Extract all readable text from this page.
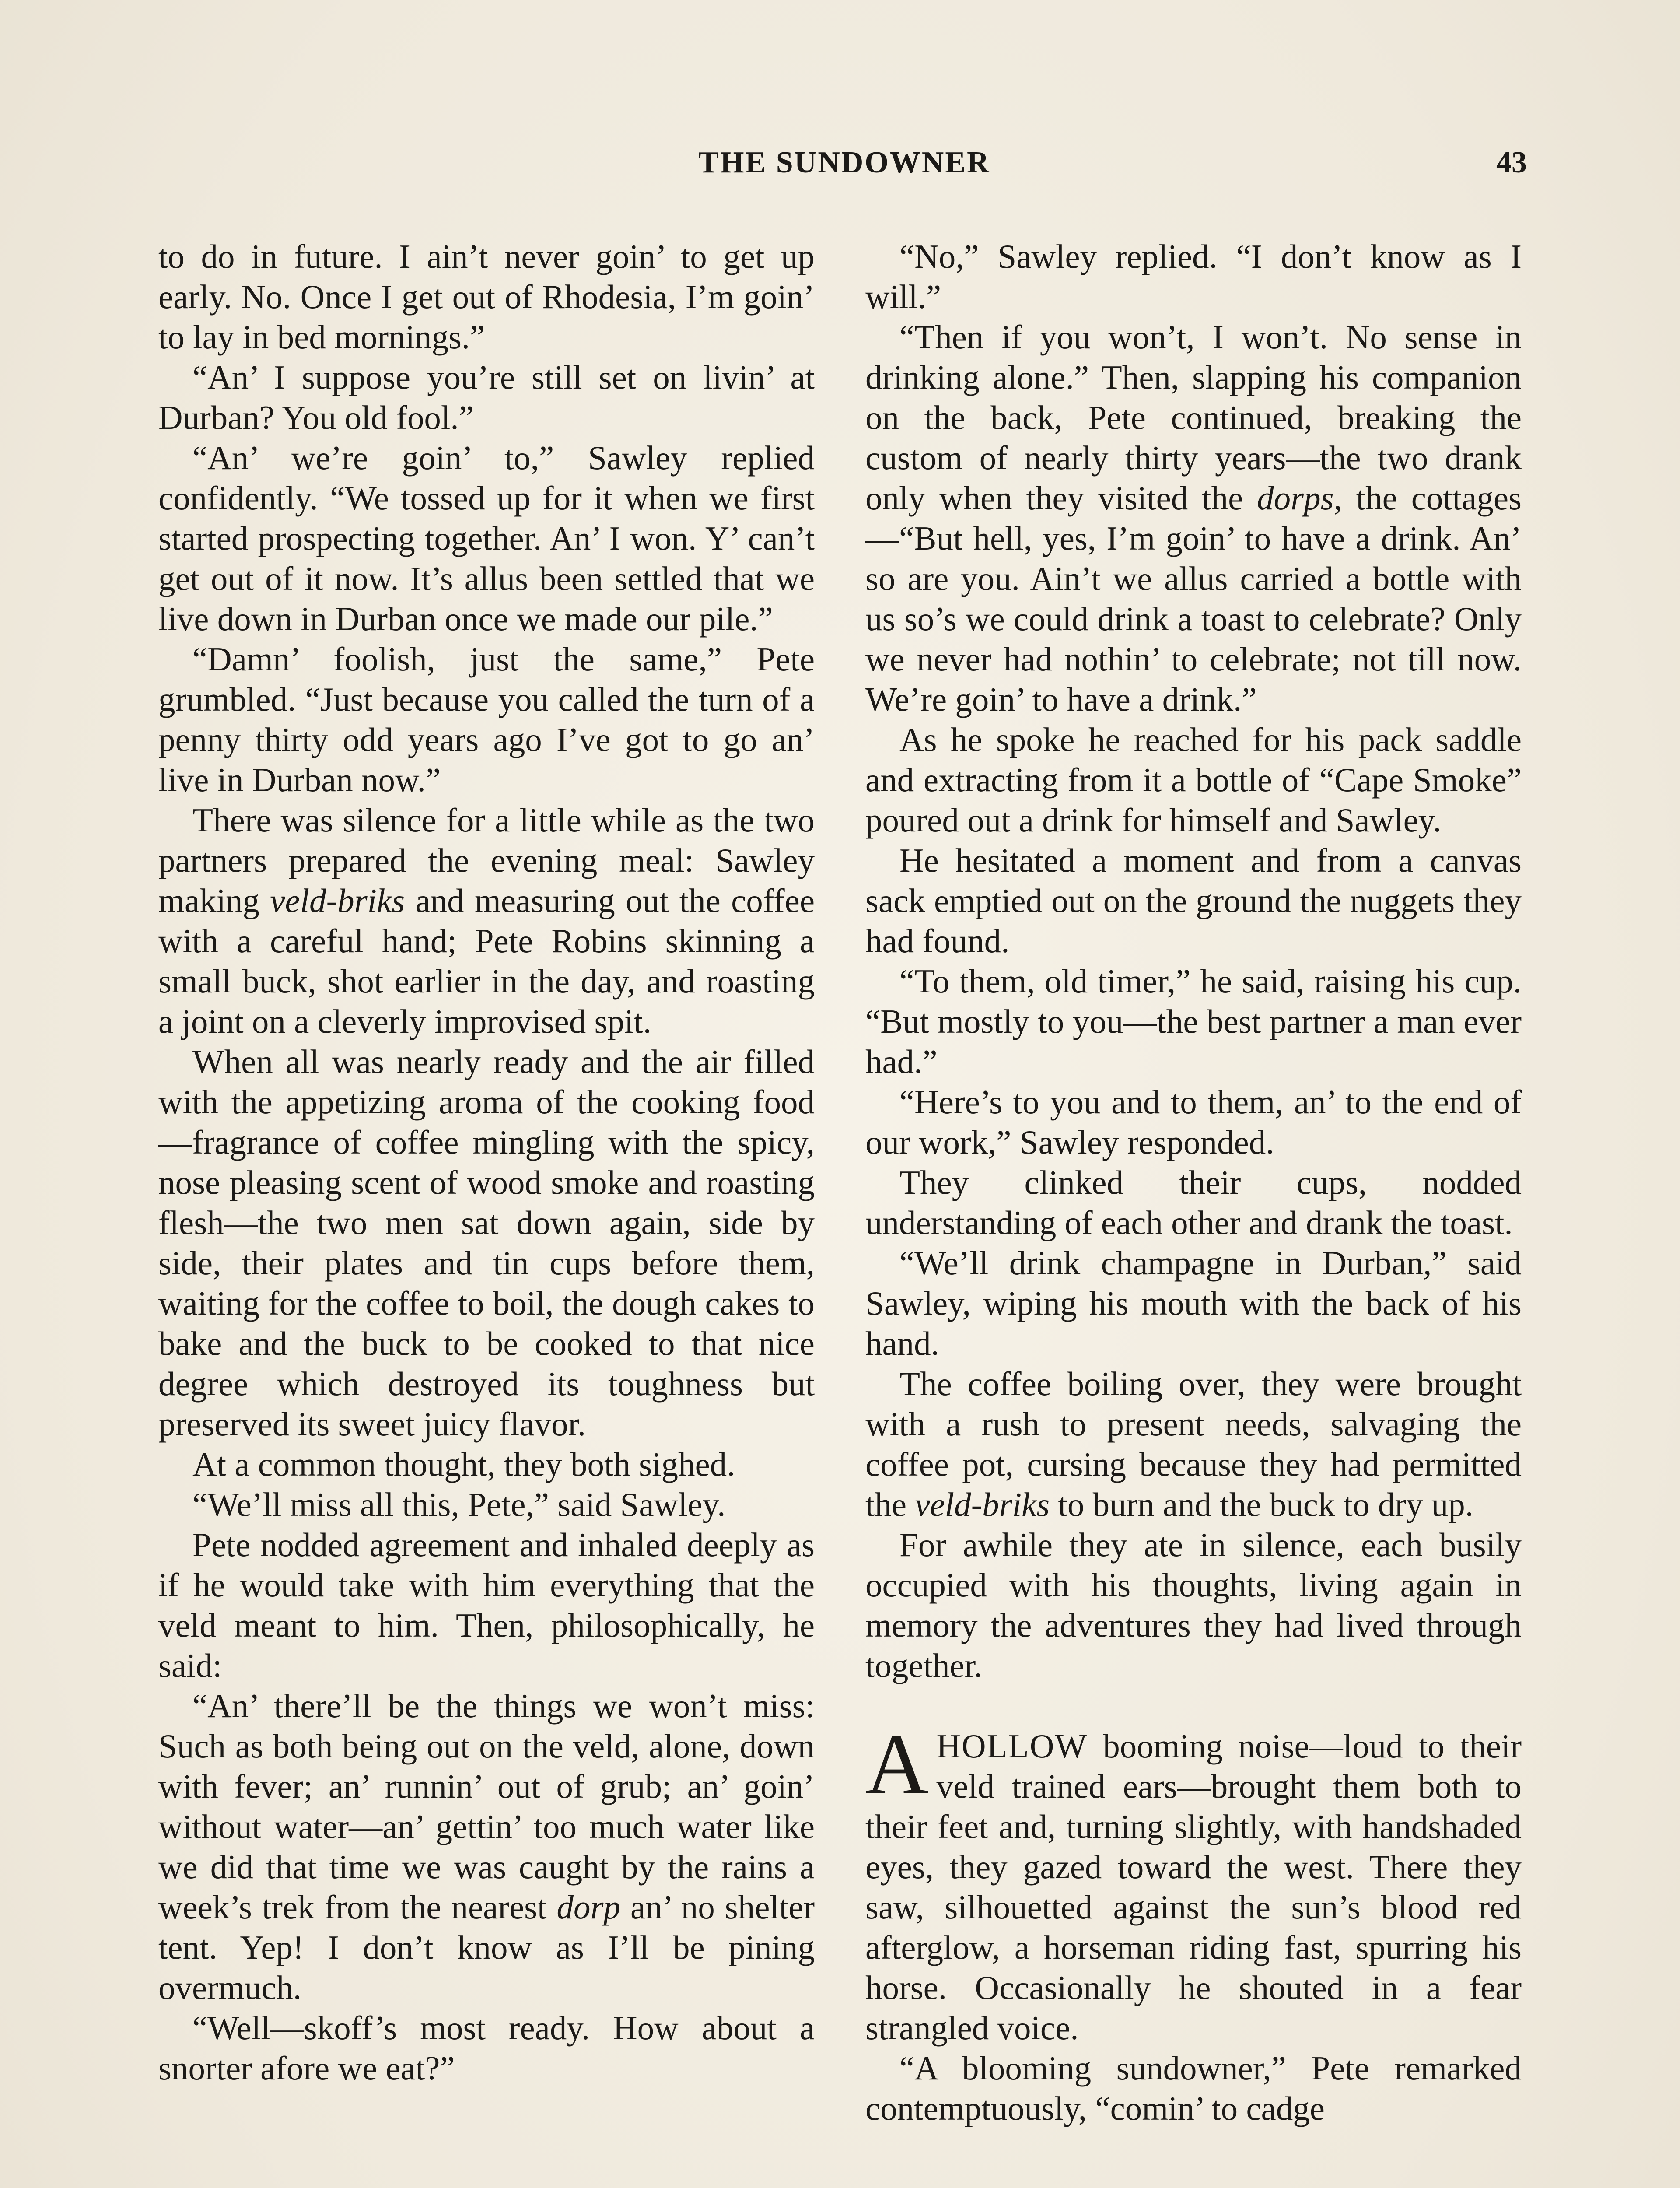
THE SUNDOWNER	43

to do in future. I ain’t never goin’ to get up early. No. Once I get out of Rhodesia, I’m goin’ to lay in bed mornings.”

“An’ I suppose you’re still set on livin’ at Durban? You old fool.”

“An’ we’re goin’ to,” Sawley replied confidently. “We tossed up for it when we first started prospecting together. An’ I won. Y’ can’t get out of it now. It’s allus been settled that we live down in Durban once we made our pile.”

“Damn’ foolish, just the same,” Pete grumbled. “Just because you called the turn of a penny thirty odd years ago I’ve got to go an’ live in Durban now.”

There was silence for a little while as the two partners prepared the evening meal: Sawley making veld-briks and measuring out the coffee with a careful hand; Pete Robins skinning a small buck, shot earlier in the day, and roasting a joint on a cleverly improvised spit.

When all was nearly ready and the air filled with the appetizing aroma of the cooking food—fragrance of coffee mingling with the spicy, nose pleasing scent of wood smoke and roasting flesh—the two men sat down again, side by side, their plates and tin cups before them, waiting for the coffee to boil, the dough cakes to bake and the buck to be cooked to that nice degree which destroyed its toughness but preserved its sweet juicy flavor.

At a common thought, they both sighed.

“We’ll miss all this, Pete,” said Sawley.

Pete nodded agreement and inhaled deeply as if he would take with him everything that the veld meant to him. Then, philosophically, he said:

“An’ there’ll be the things we won’t miss: Such as both being out on the veld, alone, down with fever; an’ runnin’ out of grub; an’ goin’ without water—an’ gettin’ too much water like we did that time we was caught by the rains a week’s trek from the nearest dorp an’ no shelter tent. Yep! I don’t know as I’ll be pining overmuch.

“Well—skoff’s most ready. How about a snorter afore we eat?”

“No,” Sawley replied. “I don’t know as I will.”

“Then if you won’t, I won’t. No sense in drinking alone.” Then, slapping his companion on the back, Pete continued, breaking the custom of nearly thirty years—the two drank only when they visited the dorps, the cottages—“But hell, yes, I’m goin’ to have a drink. An’ so are you. Ain’t we allus carried a bottle with us so’s we could drink a toast to celebrate? Only we never had nothin’ to celebrate; not till now. We’re goin’ to have a drink.”

As he spoke he reached for his pack saddle and extracting from it a bottle of “Cape Smoke” poured out a drink for himself and Sawley.

He hesitated a moment and from a canvas sack emptied out on the ground the nuggets they had found.

“To them, old timer,” he said, raising his cup. “But mostly to you—the best partner a man ever had.”

“Here’s to you and to them, an’ to the end of our work,” Sawley responded.

They clinked their cups, nodded understanding of each other and drank the toast.

“We’ll drink champagne in Durban,” said Sawley, wiping his mouth with the back of his hand.

The coffee boiling over, they were brought with a rush to present needs, salvaging the coffee pot, cursing because they had permitted the veld-briks to burn and the buck to dry up.

For awhile they ate in silence, each busily occupied with his thoughts, living again in memory the adventures they had lived through together.

AHOLLOW booming noise—loud to their veld trained ears—brought them both to their feet and, turning slightly, with handshaded eyes, they gazed toward the west. There they saw, silhouetted against the sun’s blood red afterglow, a horseman riding fast, spurring his horse. Occasionally he shouted in a fear strangled voice.

“A blooming sundowner,” Pete remarked contemptuously, “comin’ to cadge
